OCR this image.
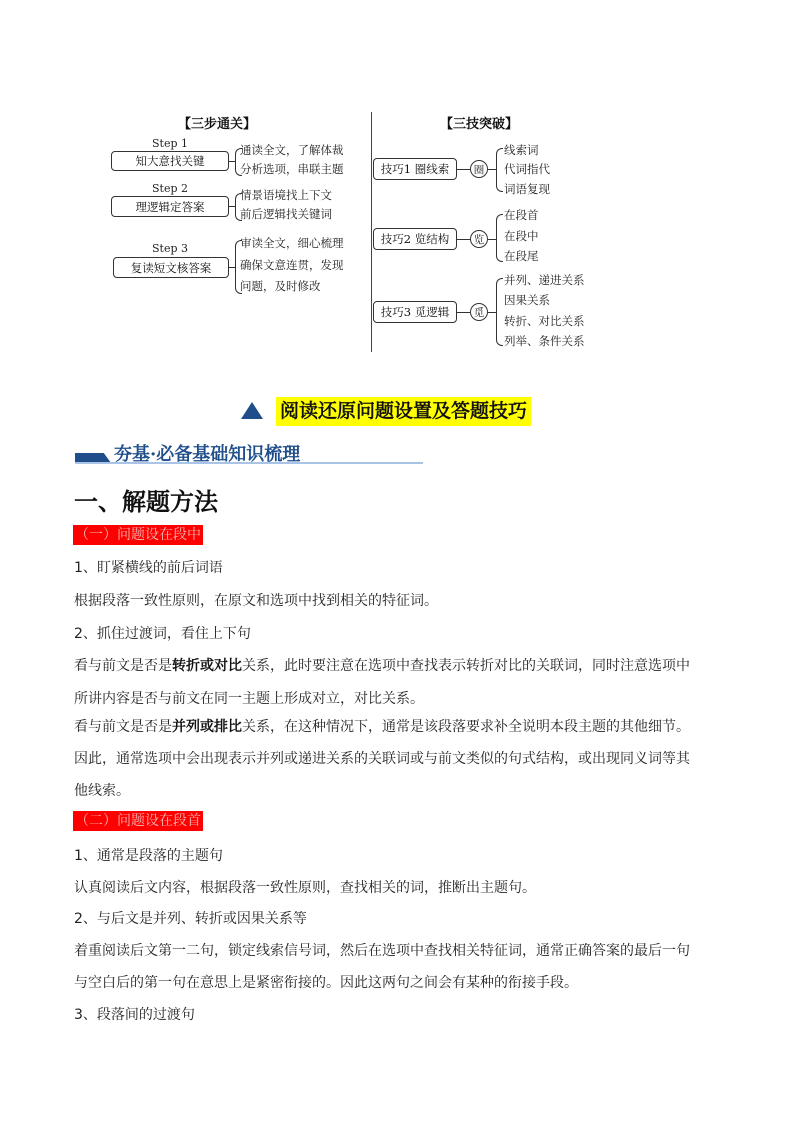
【三步通关】	【三技突破】
Step 1
知大意找关键
通读全文，了解体裁
分析选项，串联主题
Step 2
理逻辑定答案
情景语境找上下文
前后逻辑找关键词
Step 3
复读短文核答案
审读全文，细心梳理
确保文意连贯，发现
问题，及时修改
技巧1 圈线索	圈
线索词
代词指代
词语复现
技巧2 览结构	览
在段首
在段中
在段尾
技巧3 觅逻辑	觅
并列、递进关系
因果关系
转折、对比关系
列举、条件关系
阅读还原问题设置及答题技巧
夯基·必备基础知识梳理
一、解题方法
（一）问题设在段中
1、盯紧横线的前后词语
根据段落一致性原则，在原文和选项中找到相关的特征词。
2、抓住过渡词，看住上下句
看与前文是否是转折或对比关系，此时要注意在选项中查找表示转折对比的关联词，同时注意选项中
所讲内容是否与前文在同一主题上形成对立，对比关系。
看与前文是否是并列或排比关系，在这种情况下，通常是该段落要求补全说明本段主题的其他细节。
因此，通常选项中会出现表示并列或递进关系的关联词或与前文类似的句式结构，或出现同义词等其
他线索。
（二）问题设在段首
1、通常是段落的主题句
认真阅读后文内容，根据段落一致性原则，查找相关的词，推断出主题句。
2、与后文是并列、转折或因果关系等
着重阅读后文第一二句，锁定线索信号词，然后在选项中查找相关特征词，通常正确答案的最后一句
与空白后的第一句在意思上是紧密衔接的。因此这两句之间会有某种的衔接手段。
3、段落间的过渡句
